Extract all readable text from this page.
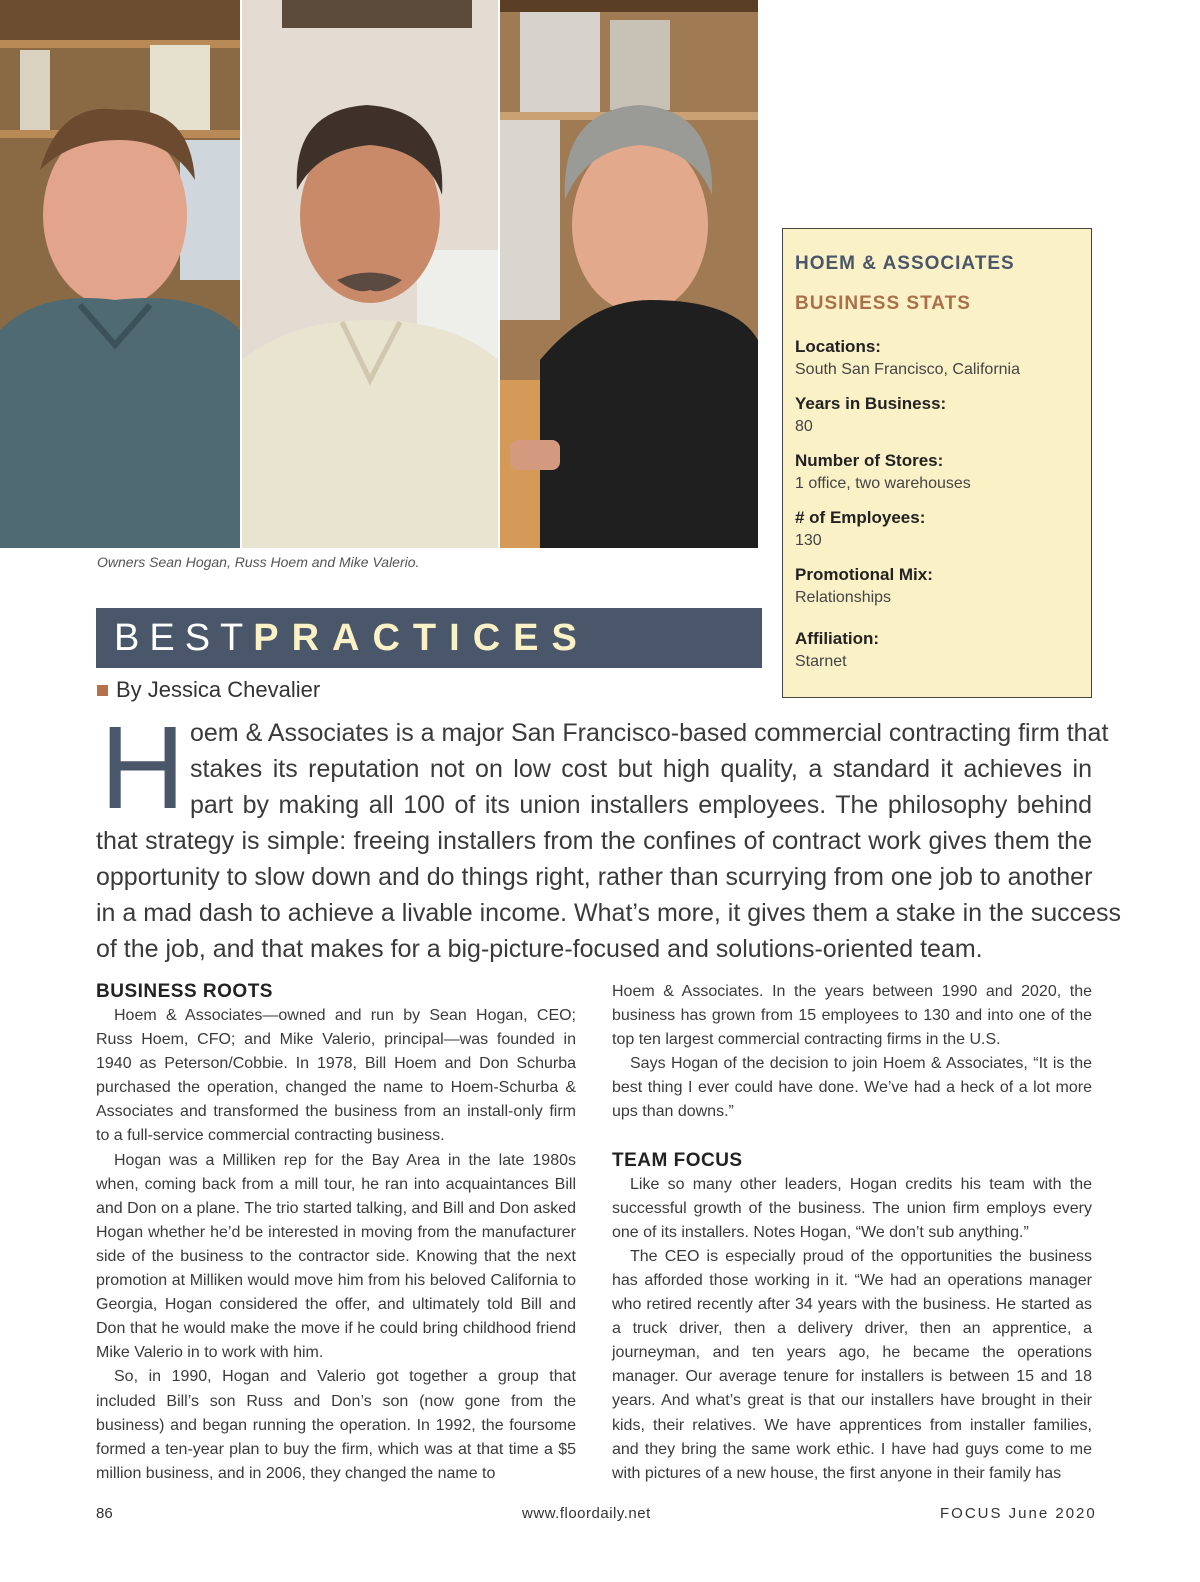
Owners Sean Hogan, Russ Hoem and Mike Valerio.

HOEM & ASSOCIATES

BUSINESS STATS

Locations:

South San Francisco, California

Years in Business:

80

Number of Stores:

1 office, two warehouses

# of Employees:

130

Promotional Mix:

Relationships

Affiliation:

Starnet

BEST PRACTICES
By Jessica Chevalier
H oem & Associates is a major San Francisco-based commercial contracting firm that
stakes its reputation not on low cost but high quality, a standard it achieves in
part by making all 100 of its union installers employees. The philosophy behind
that strategy is simple: freeing installers from the confines of contract work gives them the
opportunity to slow down and do things right, rather than scurrying from one job to another
in a mad dash to achieve a livable income. What’s more, it gives them a stake in the success
of the job, and that makes for a big-picture-focused and solutions-oriented team.
BUSINESS ROOTS

Hoem & Associates—owned and run by Sean Hogan, CEO; Russ Hoem, CFO; and Mike Valerio, principal—was founded in 1940 as Peterson/Cobbie. In 1978, Bill Hoem and Don Schurba purchased the operation, changed the name to Hoem-Schurba & Associates and transformed the business from an install-only firm to a full-service commercial contracting business.

Hogan was a Milliken rep for the Bay Area in the late 1980s when, coming back from a mill tour, he ran into acquaintances Bill and Don on a plane. The trio started talking, and Bill and Don asked Hogan whether he’d be interested in moving from the manufacturer side of the business to the contractor side. Knowing that the next promotion at Milliken would move him from his beloved California to Georgia, Hogan considered the offer, and ultimately told Bill and Don that he would make the move if he could bring childhood friend Mike Valerio in to work with him.

So, in 1990, Hogan and Valerio got together a group that included Bill’s son Russ and Don’s son (now gone from the business) and began running the operation. In 1992, the foursome formed a ten-year plan to buy the firm, which was at that time a $5 million business, and in 2006, they changed the name to

Hoem & Associates. In the years between 1990 and 2020, the business has grown from 15 employees to 130 and into one of the top ten largest commercial contracting firms in the U.S.

Says Hogan of the decision to join Hoem & Associates, “It is the best thing I ever could have done. We’ve had a heck of a lot more ups than downs.”

TEAM FOCUS

Like so many other leaders, Hogan credits his team with the successful growth of the business. The union firm employs every one of its installers. Notes Hogan, “We don’t sub anything.”

The CEO is especially proud of the opportunities the business has afforded those working in it. “We had an operations manager who retired recently after 34 years with the business. He started as a truck driver, then a delivery driver, then an apprentice, a journeyman, and ten years ago, he became the operations manager. Our average tenure for installers is between 15 and 18 years. And what’s great is that our installers have brought in their kids, their relatives. We have apprentices from installer families, and they bring the same work ethic. I have had guys come to me with pictures of a new house, the first anyone in their family has

86	www.floordaily.net	FOCUS June 2020
